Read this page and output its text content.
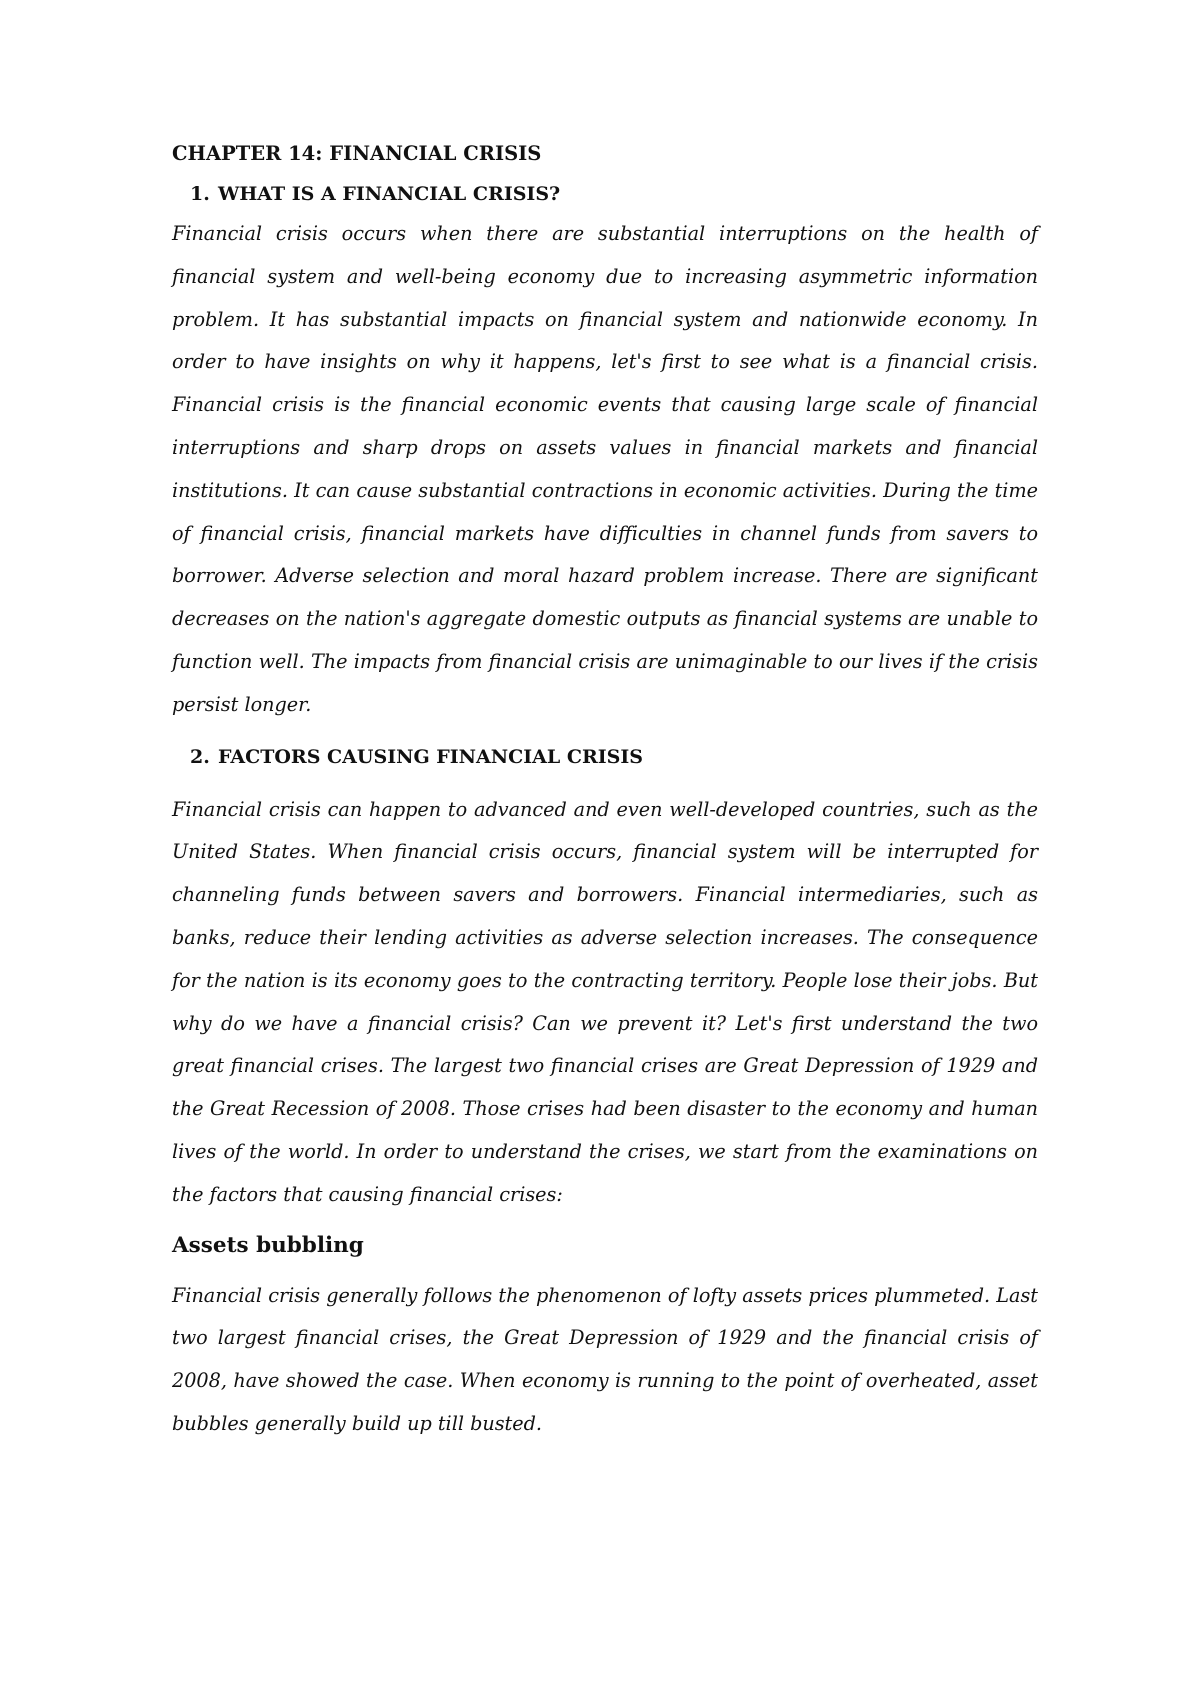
CHAPTER 14: FINANCIAL CRISIS
1. WHAT IS A FINANCIAL CRISIS?

Financial crisis occurs when there are substantial interruptions on the health of financial system and well-being economy due to increasing asymmetric information problem. It has substantial impacts on financial system and nationwide economy. In order to have insights on why it happens, let's first to see what is a financial crisis. Financial crisis is the financial economic events that causing large scale of financial interruptions and sharp drops on assets values in financial markets and financial institutions. It can cause substantial contractions in economic activities. During the time of financial crisis, financial markets have difficulties in channel funds from savers to borrower. Adverse selection and moral hazard problem increase. There are significant decreases on the nation's aggregate domestic outputs as financial systems are unable to function well. The impacts from financial crisis are unimaginable to our lives if the crisis persist longer.

2. FACTORS CAUSING FINANCIAL CRISIS

Financial crisis can happen to advanced and even well-developed countries, such as the United States. When financial crisis occurs, financial system will be interrupted for channeling funds between savers and borrowers. Financial intermediaries, such as banks, reduce their lending activities as adverse selection increases. The consequence for the nation is its economy goes to the contracting territory. People lose their jobs. But why do we have a financial crisis? Can we prevent it? Let's first understand the two great financial crises. The largest two financial crises are Great Depression of 1929 and the Great Recession of 2008. Those crises had been disaster to the economy and human lives of the world. In order to understand the crises, we start from the examinations on the factors that causing financial crises:

Assets bubbling

Financial crisis generally follows the phenomenon of lofty assets prices plummeted. Last two largest financial crises, the Great Depression of 1929 and the financial crisis of 2008, have showed the case. When economy is running to the point of overheated, asset bubbles generally build up till busted.
